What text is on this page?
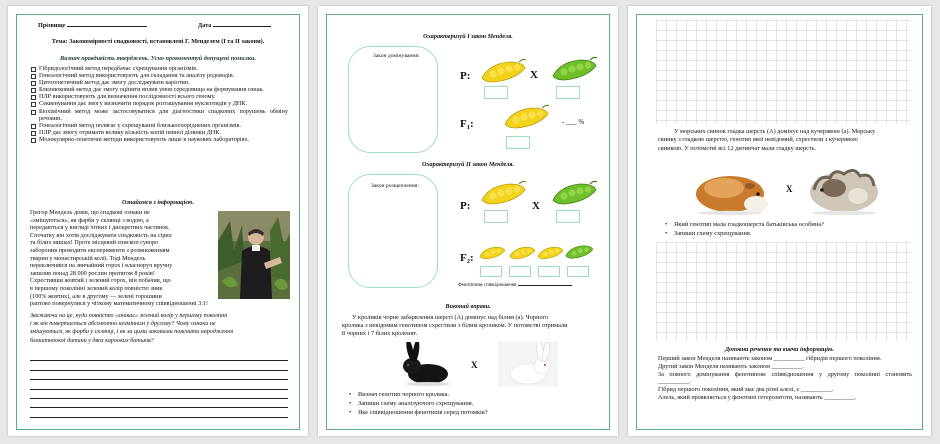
Прізвище	Дата
Тема: Закономірності спадковості, встановлені Г. Менделем (І та ІІ закони).
Визнач правдивість тверджень. Усно прокоментуй допущені помилки.
Гібридологічний метод передбачає схрещування організмів.
Генеалогічний метод використовують для складання та аналізу родоводів.
Цитогенетичний метод дає змогу досліджувати каріотип.
Близнюковий метод дає змогу оцінити вплив умов середовища на формування ознак.
ПЛР використовують для визначення послідовності всього геному.
Секвенування дає змогу визначити порядок розташування нуклеотидів у ДНК.
Біохімічний метод може застосовуватися для діагностики спадкових порушень обміну речовин.
Генеалогічний метод полягає у схрещуванні близькоспоріднених організмів.
ПЛР дає змогу отримати велику кількість копій певної ділянки ДНК.
Молекулярно-генетичні методи використовують лише в наукових лабораторіях.
Ознайомся з інформацією.
Грегор Мендель довів, що спадкові ознаки не
«змішуються», як фарби у склянці з водою, а
передаються у вигляді чітких і дискретних частинок.
Спочатку він хотів досліджувати спадковість на сірих
та білих мишах! Проте місцевий єпископ суворо
заборонив проводити експерименти з розмноженням
тварин у монастирській келії. Тоді Мендель
переключився на звичайний горох і власноруч вручну
запилив понад 28 000 рослин протягом 8 років!
Схрестивши жовтий і зелений горох, він побачив, що
в першому поколінні зелений колір повністю зник
(100% жовтих), але в другому — зелені горошини
раптово повернулися у чіткому математичному співвідношенні 3:1!
Зважаючи на це, куди повністю «зникає» зелений колір у першому поколінні
і як він повертається абсолютно незмінним у другому? Чому ознаки не
змішуються, як фарби у склянці, і як за цими законами пояснити народження
блакитноокої дитини у двох карооких батьків?
Охарактеризуй І закон Менделя.
Закон домінування:
P:	X
F₁:	- ___ %
Охарактеризуй ІІ закон Менделя.
Закон розщеплення:
P:	X
F₂:
Фенотипове співвідношення
Виконай вправи.
У кроликів чорне забарвлення шерсті (А) домінує над білим (а). Чорного
кролика з невідомим генотипом схрестили з білим кроликом. У потомстві отримали
8 чорних і 7 білих кроленят.
X
• Визнач генотип чорного кролика.
• Запиши схему аналізуючого схрещування.
• Яке співвідношення фенотипів серед потомків?
У морських свинок гладка шерсть (А) домінує над кучерявою (а). Морську
свинку з гладкою шерстю, генотип якої невідомий, схрестили з кучерявою
свинкою. У потомстві всі 12 дитинчат мали гладку шерсть.
X
• Який генотип мала гладкошерста батьківська особина?
• Запиши схему схрещування.
Доповни речення та вивчи інформацію.
Перший закон Менделя називають законом __________ гібридів першого покоління.
Другий закон Менделя називають законом __________.
За повного домінування фенотипове співвідношення у другому поколінні становить __________.
Гібрид першого покоління, який має два різні алелі, є __________.
Алель, який проявляється у фенотипі гетерозиготи, називають __________.
